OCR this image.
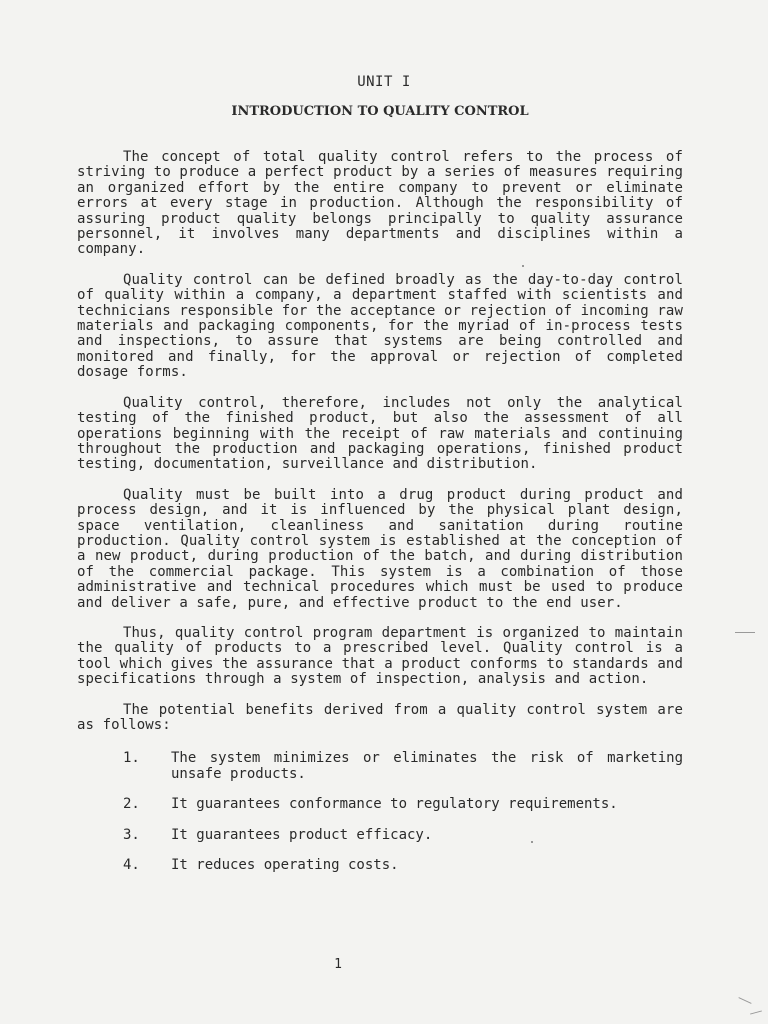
UNIT I
INTRODUCTION TO QUALITY CONTROL

The concept of total quality control refers to the process of striving to produce a perfect product by a series of measures requiring an organized effort by the entire company to prevent or eliminate errors at every stage in production. Although the responsibility of assuring product quality belongs principally to quality assurance personnel, it involves many departments and disciplines within a company.

Quality control can be defined broadly as the day-to-day control of quality within a company, a department staffed with scientists and technicians responsible for the acceptance or rejection of incoming raw materials and packaging components, for the myriad of in-process tests and inspections, to assure that systems are being controlled and monitored and finally, for the approval or rejection of completed dosage forms.

Quality control, therefore, includes not only the analytical testing of the finished product, but also the assessment of all operations beginning with the receipt of raw materials and continuing throughout the production and packaging operations, finished product testing, documentation, surveillance and distribution.

Quality must be built into a drug product during product and process design, and it is influenced by the physical plant design, space ventilation, cleanliness and sanitation during routine production. Quality control system is established at the conception of a new product, during production of the batch, and during distribution of the commercial package. This system is a combination of those administrative and technical procedures which must be used to produce and deliver a safe, pure, and effective product to the end user.

Thus, quality control program department is organized to maintain the quality of products to a prescribed level. Quality control is a tool which gives the assurance that a product conforms to standards and specifications through a system of inspection, analysis and action.

The potential benefits derived from a quality control system are as follows:

1.	The system minimizes or eliminates the risk of marketing unsafe products.
2.	It guarantees conformance to regulatory requirements.
3.	It guarantees product efficacy.
4.	It reduces operating costs.
1
